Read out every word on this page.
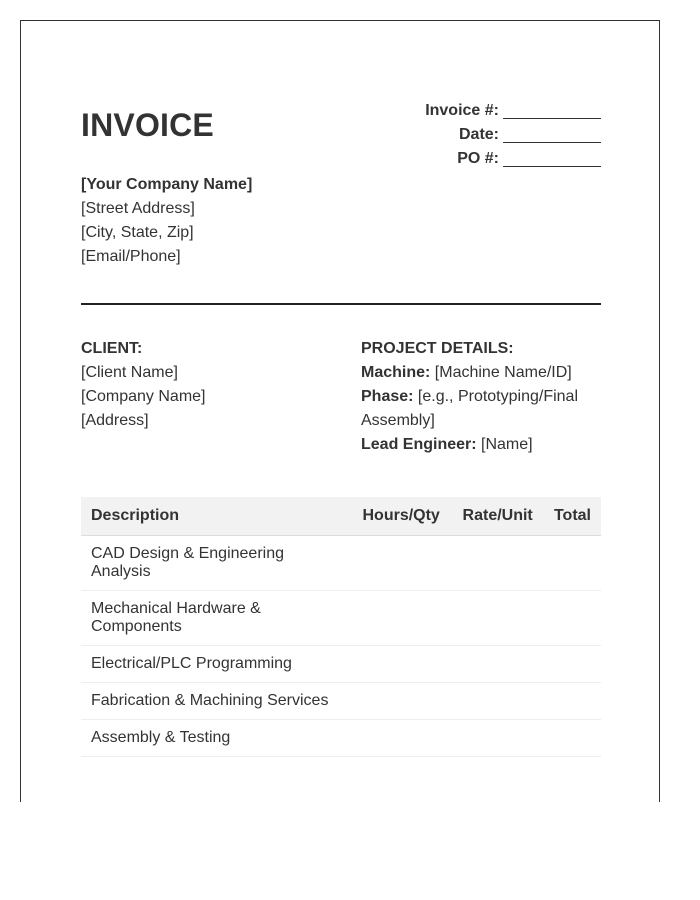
INVOICE	Invoice #:
Date:
PO #:
[Your Company Name]
[Street Address]
[City, State, Zip]
[Email/Phone]
CLIENT:
[Client Name]
[Company Name]
[Address]
PROJECT DETAILS:
Machine: [Machine Name/ID]
Phase: [e.g., Prototyping/Final Assembly]
Lead Engineer: [Name]
Description	Hours/Qty	Rate/Unit	Total
CAD Design & Engineering Analysis			
Mechanical Hardware & Components			
Electrical/PLC Programming			
Fabrication & Machining Services			
Assembly & Testing			
